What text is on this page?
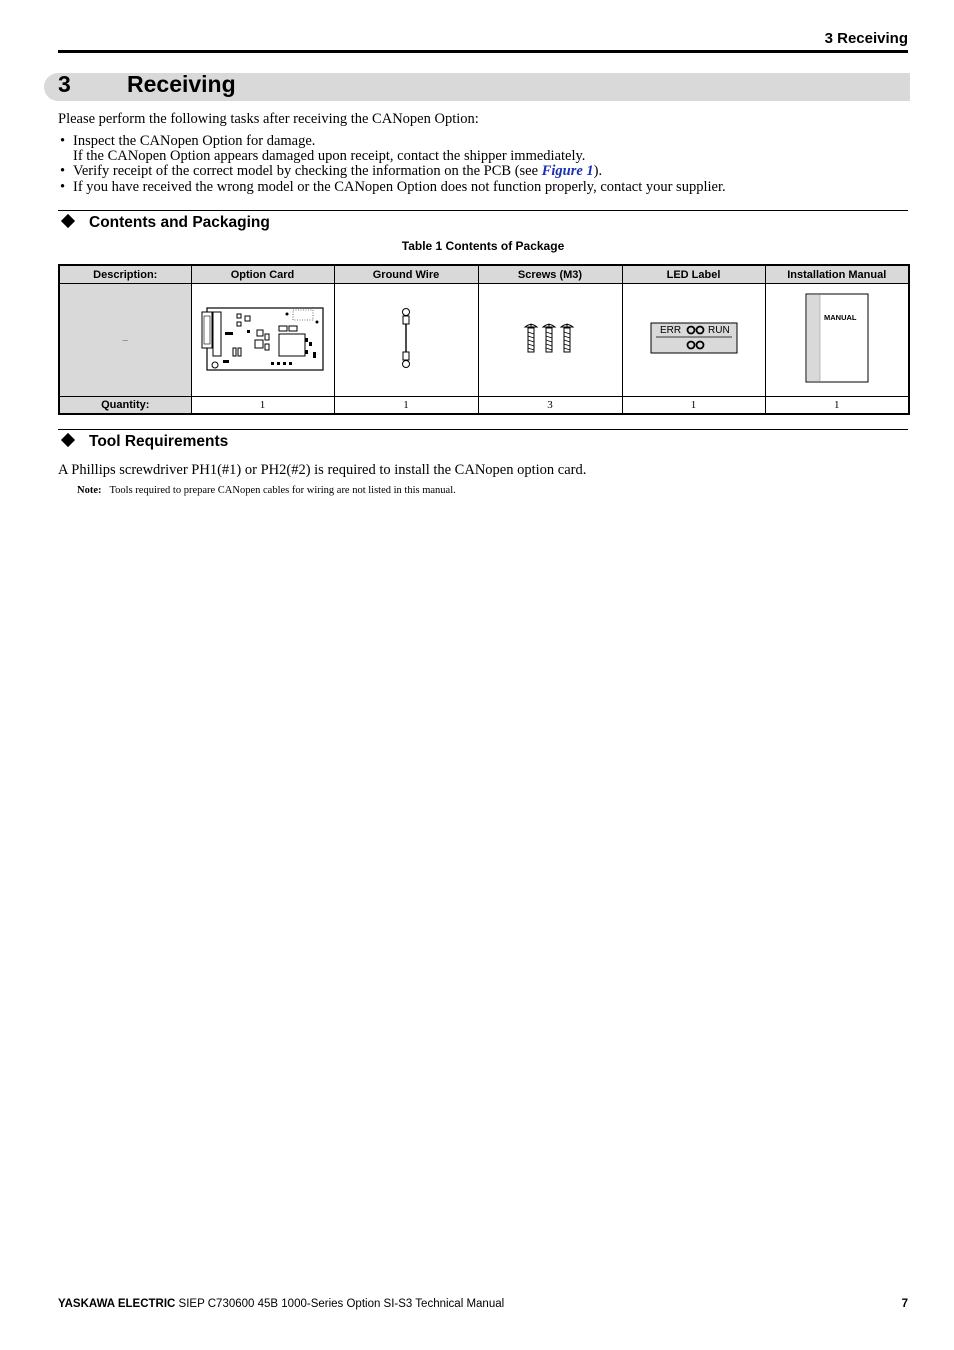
3 Receiving
3 Receiving
Please perform the following tasks after receiving the CANopen Option:
• Inspect the CANopen Option for damage.
If the CANopen Option appears damaged upon receipt, contact the shipper immediately.
• Verify receipt of the correct model by checking the information on the PCB (see Figure 1).
• If you have received the wrong model or the CANopen Option does not function properly, contact your supplier.
Contents and Packaging
Table 1 Contents of Package
Description:	Option Card	Ground Wire	Screws (M3)	LED Label	Installation Manual
–				ERR RUN	MANUAL

Quantity:	1	1	3	1	1
Tool Requirements
A Phillips screwdriver PH1(#1) or PH2(#2) is required to install the CANopen option card.
Note: Tools required to prepare CANopen cables for wiring are not listed in this manual.
YASKAWA ELECTRIC SIEP C730600 45B 1000-Series Option SI-S3 Technical Manual	7
